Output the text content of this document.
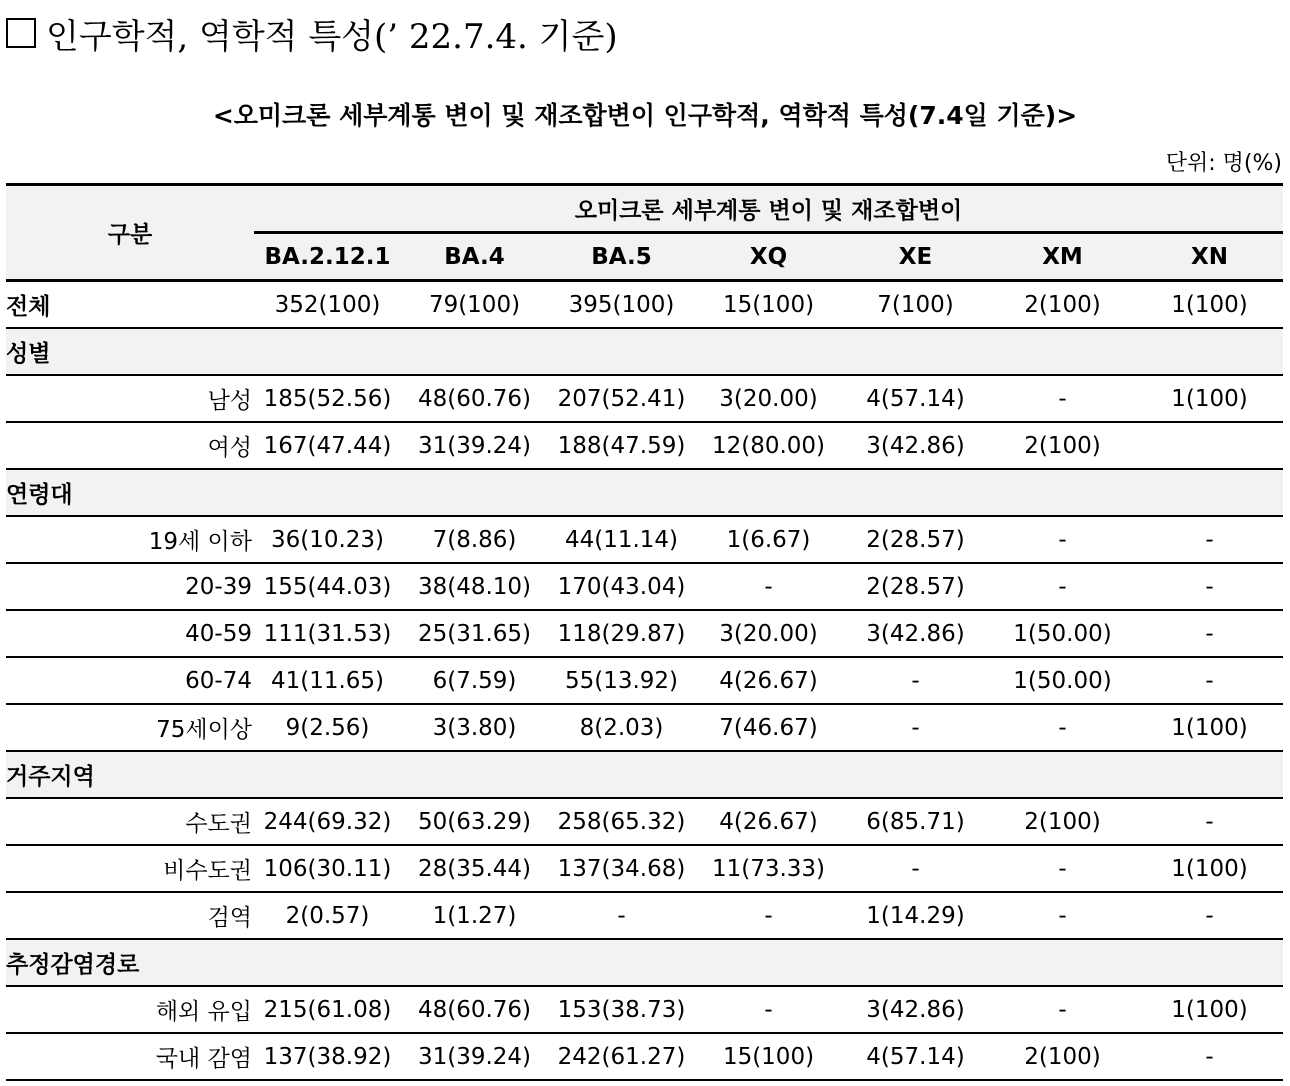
인구학적, 역학적 특성(’ 22.7.4. 기준)
<오미크론 세부계통 변이 및 재조합변이 인구학적, 역학적 특성(7.4일 기준)>
단위: 명(%)
구분	오미크론 세부계통 변이 및 재조합변이						
	BA.2.12.1	BA.4	BA.5	XQ	XE	XM	XN
전체	352(100)	79(100)	395(100)	15(100)	7(100)	2(100)	1(100)
성별							
남성	185(52.56)	48(60.76)	207(52.41)	3(20.00)	4(57.14)	-	1(100)
여성	167(47.44)	31(39.24)	188(47.59)	12(80.00)	3(42.86)	2(100)	
연령대							
19세 이하	36(10.23)	7(8.86)	44(11.14)	1(6.67)	2(28.57)	-	-
20-39	155(44.03)	38(48.10)	170(43.04)	-	2(28.57)	-	-
40-59	111(31.53)	25(31.65)	118(29.87)	3(20.00)	3(42.86)	1(50.00)	-
60-74	41(11.65)	6(7.59)	55(13.92)	4(26.67)	-	1(50.00)	-
75세이상	9(2.56)	3(3.80)	8(2.03)	7(46.67)	-	-	1(100)
거주지역							
수도권	244(69.32)	50(63.29)	258(65.32)	4(26.67)	6(85.71)	2(100)	-
비수도권	106(30.11)	28(35.44)	137(34.68)	11(73.33)	-	-	1(100)
검역	2(0.57)	1(1.27)	-	-	1(14.29)	-	-
추정감염경로							
해외 유입	215(61.08)	48(60.76)	153(38.73)	-	3(42.86)	-	1(100)
국내 감염	137(38.92)	31(39.24)	242(61.27)	15(100)	4(57.14)	2(100)	-
